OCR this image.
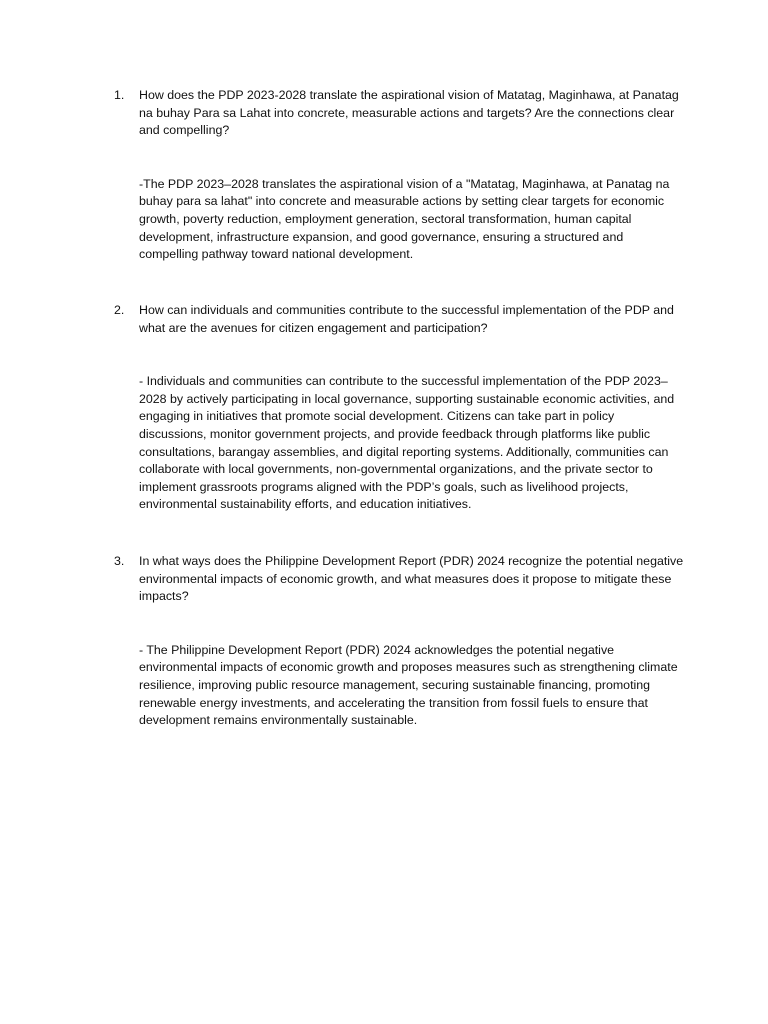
1. How does the PDP 2023-2028 translate the aspirational vision of Matatag, Maginhawa, at Panatag na buhay Para sa Lahat into concrete, measurable actions and targets? Are the connections clear and compelling?

-The PDP 2023–2028 translates the aspirational vision of a "Matatag, Maginhawa, at Panatag na buhay para sa lahat" into concrete and measurable actions by setting clear targets for economic growth, poverty reduction, employment generation, sectoral transformation, human capital development, infrastructure expansion, and good governance, ensuring a structured and compelling pathway toward national development.

2. How can individuals and communities contribute to the successful implementation of the PDP and what are the avenues for citizen engagement and participation?

- Individuals and communities can contribute to the successful implementation of the PDP 2023–2028 by actively participating in local governance, supporting sustainable economic activities, and engaging in initiatives that promote social development. Citizens can take part in policy discussions, monitor government projects, and provide feedback through platforms like public consultations, barangay assemblies, and digital reporting systems. Additionally, communities can collaborate with local governments, non-governmental organizations, and the private sector to implement grassroots programs aligned with the PDP’s goals, such as livelihood projects, environmental sustainability efforts, and education initiatives.

3. In what ways does the Philippine Development Report (PDR) 2024 recognize the potential negative environmental impacts of economic growth, and what measures does it propose to mitigate these impacts?

- The Philippine Development Report (PDR) 2024 acknowledges the potential negative environmental impacts of economic growth and proposes measures such as strengthening climate resilience, improving public resource management, securing sustainable financing, promoting renewable energy investments, and accelerating the transition from fossil fuels to ensure that development remains environmentally sustainable.
